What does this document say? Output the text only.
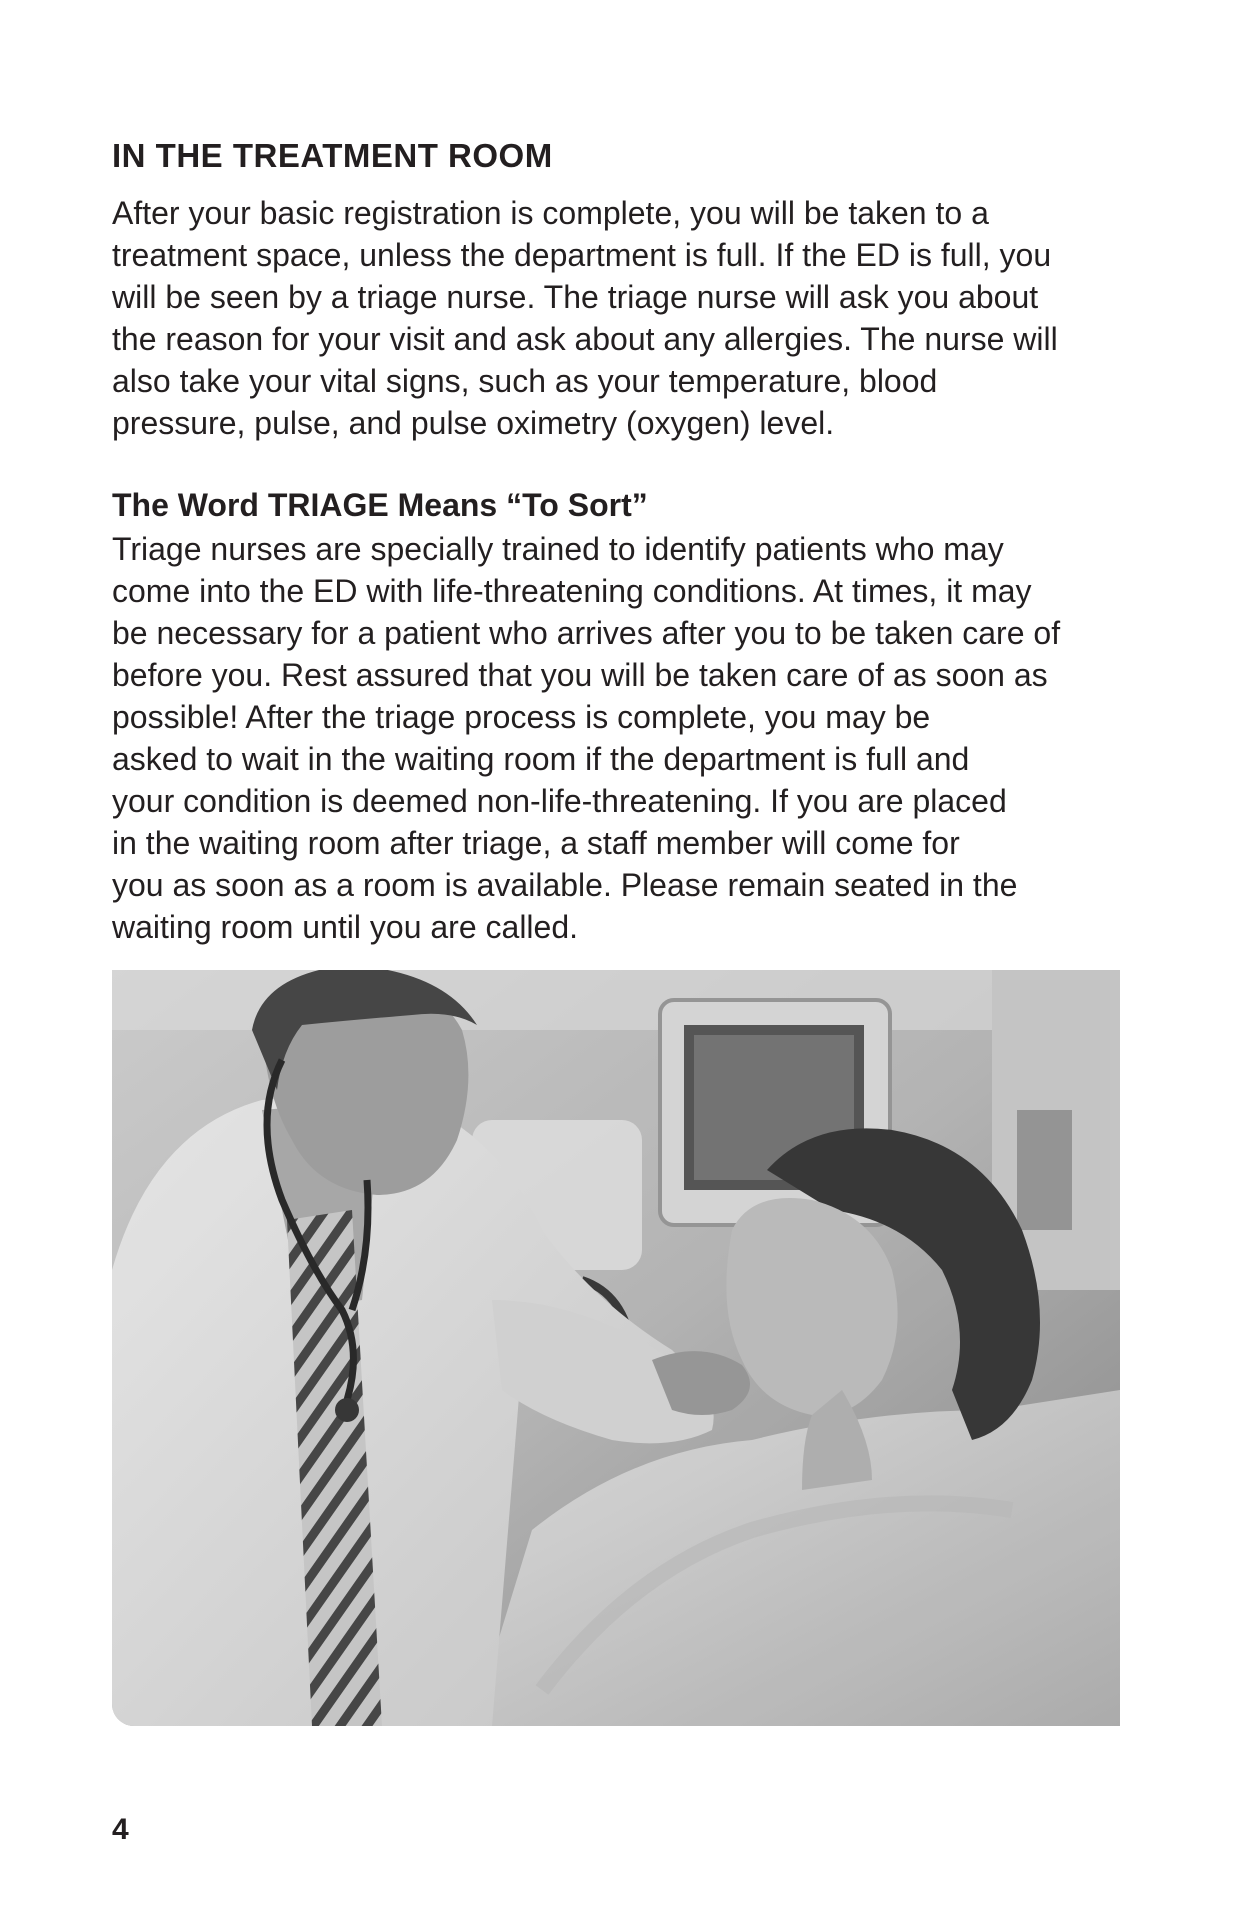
IN THE TREATMENT ROOM

After your basic registration is complete, you will be taken to a
treatment space, unless the department is full. If the ED is full, you
will be seen by a triage nurse. The triage nurse will ask you about
the reason for your visit and ask about any allergies. The nurse will
also take your vital signs, such as your temperature, blood
pressure, pulse, and pulse oximetry (oxygen) level.

The Word TRIAGE Means “To Sort”

Triage nurses are specially trained to identify patients who may
come into the ED with life-threatening conditions. At times, it may
be necessary for a patient who arrives after you to be taken care of
before you. Rest assured that you will be taken care of as soon as
possible! After the triage process is complete, you may be
asked to wait in the waiting room if the department is full and
your condition is deemed non-life-threatening. If you are placed
in the waiting room after triage, a staff member will come for
you as soon as a room is available. Please remain seated in the
waiting room until you are called.

4
